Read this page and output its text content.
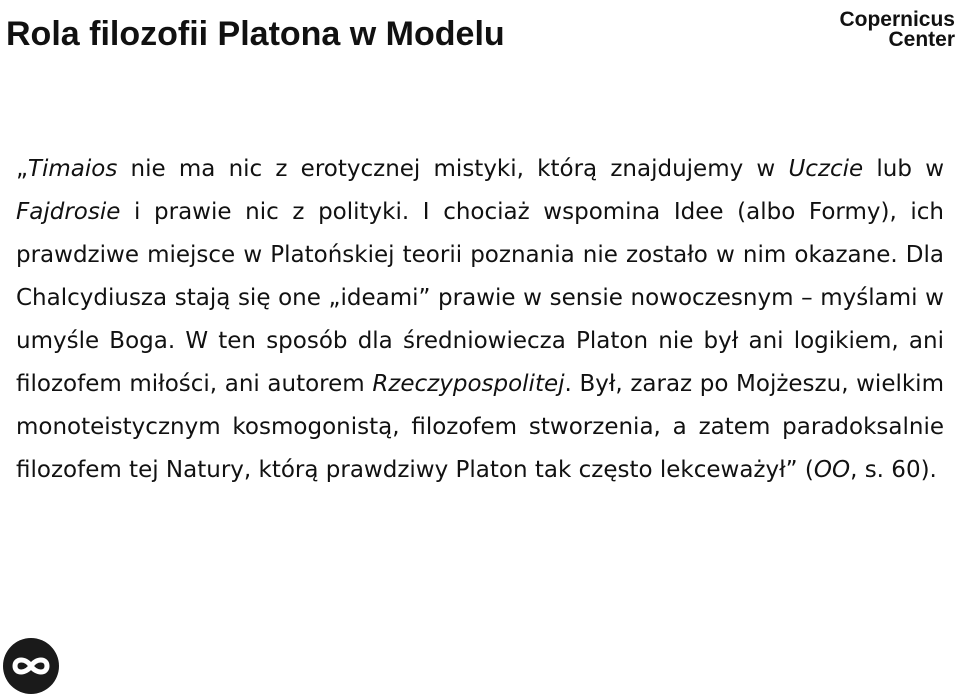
Rola filozofii Platona w Modelu	Copernicus
Center

„Timaios nie ma nic z erotycznej mistyki, którą znajdujemy w Uczcie lub w Fajdrosie i prawie nic z polityki. I chociaż wspomina Idee (albo Formy), ich prawdziwe miejsce w Platońskiej teorii poznania nie zostało w nim okazane. Dla Chalcydiusza stają się one „ideami” prawie w sensie nowoczesnym – myślami w umyśle Boga. W ten sposób dla średniowiecza Platon nie był ani logikiem, ani filozofem miłości, ani autorem Rzeczypospolitej. Był, zaraz po Mojżeszu, wielkim monoteistycznym kosmogonistą, filozofem stworzenia, a zatem paradoksalnie filozofem tej Natury, którą prawdziwy Platon tak często lekceważył” (OO, s. 60).
